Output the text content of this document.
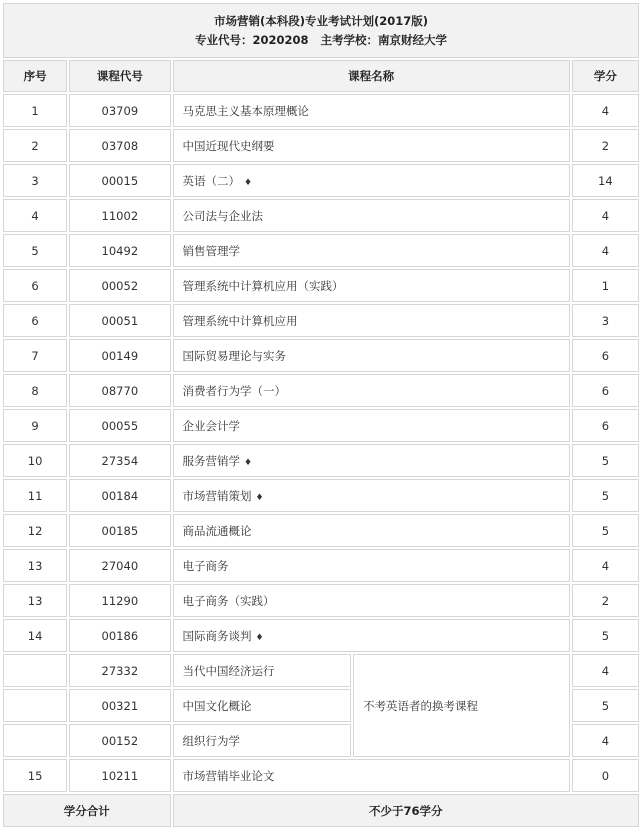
市场营销(本科段)专业考试计划(2017版)
专业代号：2020208   主考学校：南京财经大学				

序号	课程代号	课程名称		学分
1	03709	马克思主义基本原理概论		4
2	03708	中国近现代史纲要		2
3	00015	英语（二） ♦		14
4	11002	公司法与企业法		4
5	10492	销售管理学		4
6	00052	管理系统中计算机应用（实践）		1
6	00051	管理系统中计算机应用		3
7	00149	国际贸易理论与实务		6
8	08770	消费者行为学（一）		6
9	00055	企业会计学		6
10	27354	服务营销学 ♦		5
11	00184	市场营销策划 ♦		5
12	00185	商品流通概论		5
13	27040	电子商务		4
13	11290	电子商务（实践）		2
14	00186	国际商务谈判 ♦		5
	27332	当代中国经济运行	不考英语者的换考课程	4
	00321	中国文化概论		5
	00152	组织行为学		4
15	10211	市场营销毕业论文		0
学分合计		不少于76学分		
